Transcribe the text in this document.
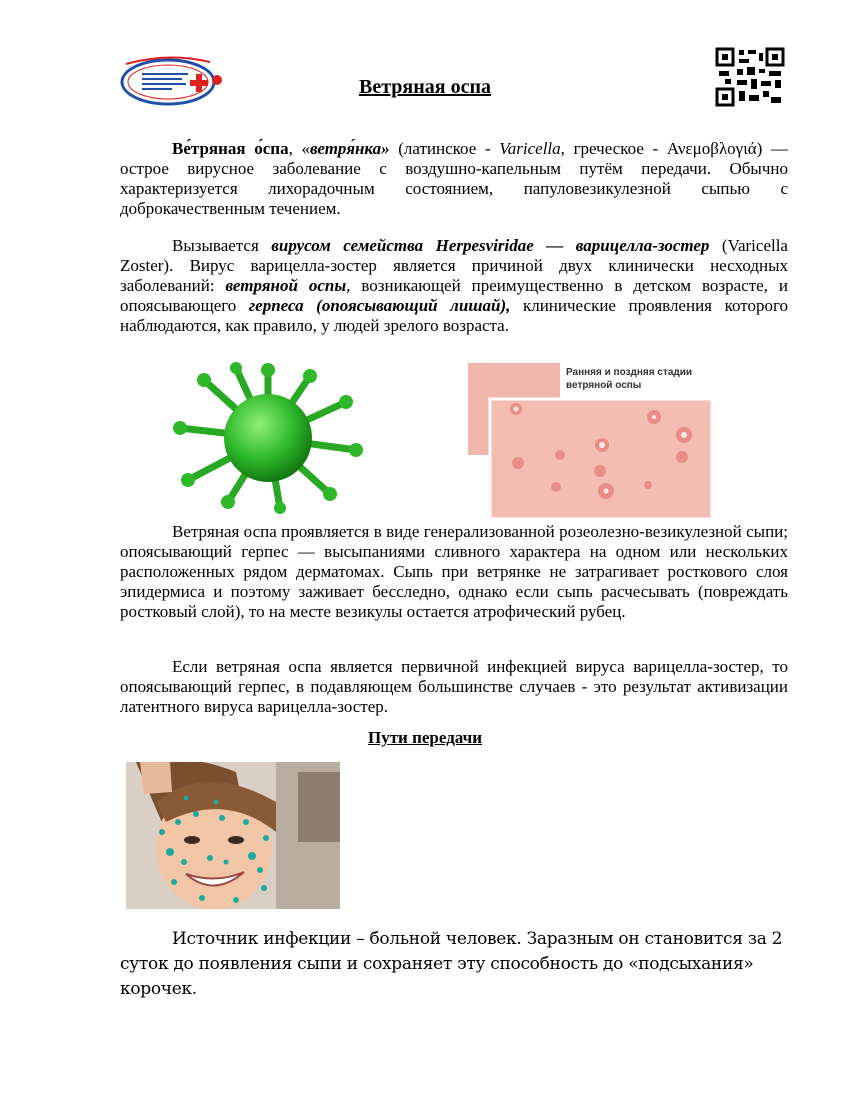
Ветряная оспа
Ве́тряная о́спа, «ветря́нка» (латинское - Varicella, греческое - Ανεμοβλογιά) — острое вирусное заболевание с воздушно-капельным путём передачи. Обычно характеризуется лихорадочным состоянием, папуловезикулезной сыпью с доброкачественным течением.
Вызывается вирусом семейства Herpesviridae — варицелла-зостер (Varicella Zoster). Вирус варицелла-зостер является причиной двух клинически несходных заболеваний: ветряной оспы, возникающей преимущественно в детском возрасте, и опоясывающего герпеса (опоясывающий лишай), клинические проявления которого наблюдаются, как правило, у людей зрелого возраста.
Ранняя и поздняя стадии
ветряной оспы
Ветряная оспа проявляется в виде генерализованной розеолезно-везикулезной сыпи; опоясывающий герпес — высыпаниями сливного характера на одном или нескольких расположенных рядом дерматомах. Сыпь при ветрянке не затрагивает росткового слоя эпидермиса и поэтому заживает бесследно, однако если сыпь расчесывать (повреждать ростковый слой), то на месте везикулы остается атрофический рубец.
Если ветряная оспа является первичной инфекцией вируса варицелла-зостер, то опоясывающий герпес, в подавляющем большинстве случаев - это результат активизации латентного вируса варицелла-зостер.
Пути передачи
Источник инфекции – больной человек. Заразным он становится за 2 суток до появления сыпи и сохраняет эту способность до «подсыхания» корочек.
